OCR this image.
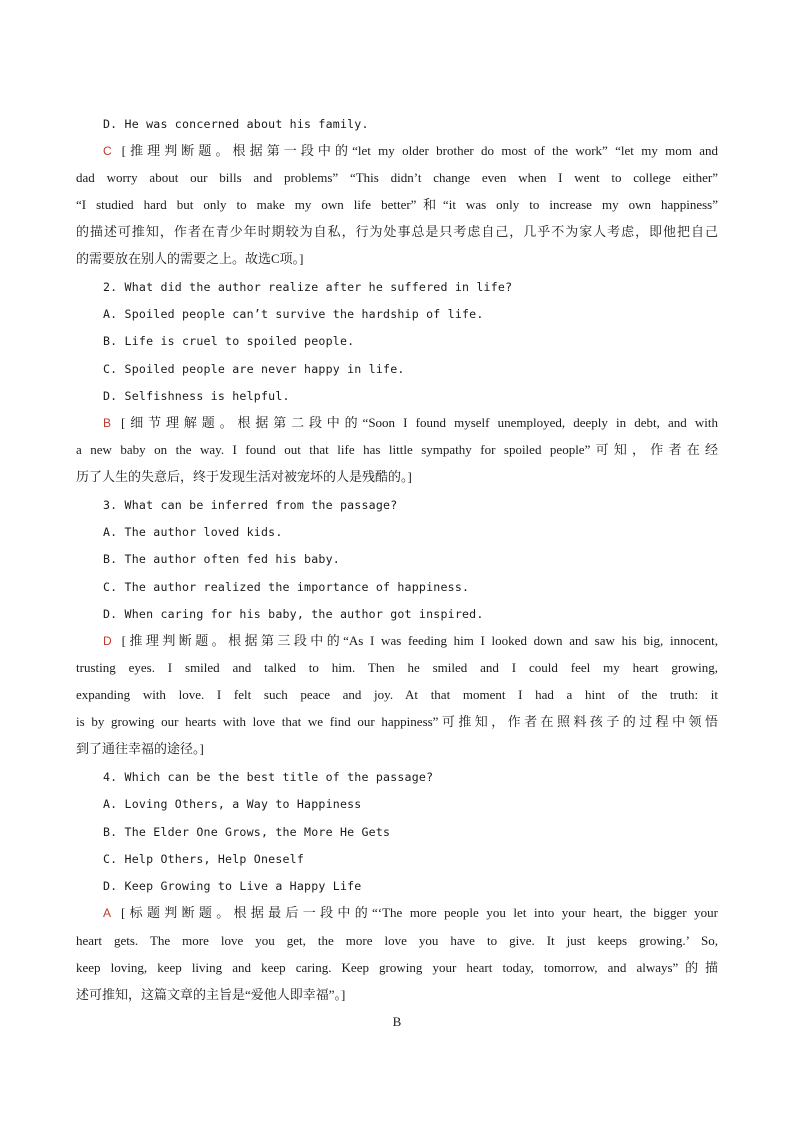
D. He was concerned about his family.
C [推理判断题。根据第一段中的“let my older brother do most of the work” “let my mom and
dad worry about our bills and problems” “This didn’t change even when I went to college either”
“I studied hard but only to make my own life better”和“it was only to increase my own happiness”
的描述可推知，作者在青少年时期较为自私，行为处事总是只考虑自己，几乎不为家人考虑，即他把自己
的需要放在别人的需要之上。故选C项。]
2. What did the author realize after he suffered in life?
A. Spoiled people can’t survive the hardship of life.
B. Life is cruel to spoiled people.
C. Spoiled people are never happy in life.
D. Selfishness is helpful.
B [细节理解题。根据第二段中的“Soon I found myself unemployed, deeply in debt, and with
a new baby on the way. I found out that life has little sympathy for spoiled people”可知，作者在经
历了人生的失意后，终于发现生活对被宠坏的人是残酷的。]
3. What can be inferred from the passage?
A. The author loved kids.
B. The author often fed his baby.
C. The author realized the importance of happiness.
D. When caring for his baby, the author got inspired.
D [推理判断题。根据第三段中的“As I was feeding him I looked down and saw his big, innocent,
trusting eyes. I smiled and talked to him. Then he smiled and I could feel my heart growing,
expanding with love. I felt such peace and joy. At that moment I had a hint of the truth: it
is by growing our hearts with love that we find our happiness”可推知，作者在照料孩子的过程中领悟
到了通往幸福的途径。]
4. Which can be the best title of the passage?
A. Loving Others, a Way to Happiness
B. The Elder One Grows, the More He Gets
C. Help Others, Help Oneself
D. Keep Growing to Live a Happy Life
A [标题判断题。根据最后一段中的“‘The more people you let into your heart, the bigger your
heart gets. The more love you get, the more love you have to give. It just keeps growing.’ So,
keep loving, keep living and keep caring. Keep growing your heart today, tomorrow, and always”的描
述可推知，这篇文章的主旨是“爱他人即幸福”。]
B
